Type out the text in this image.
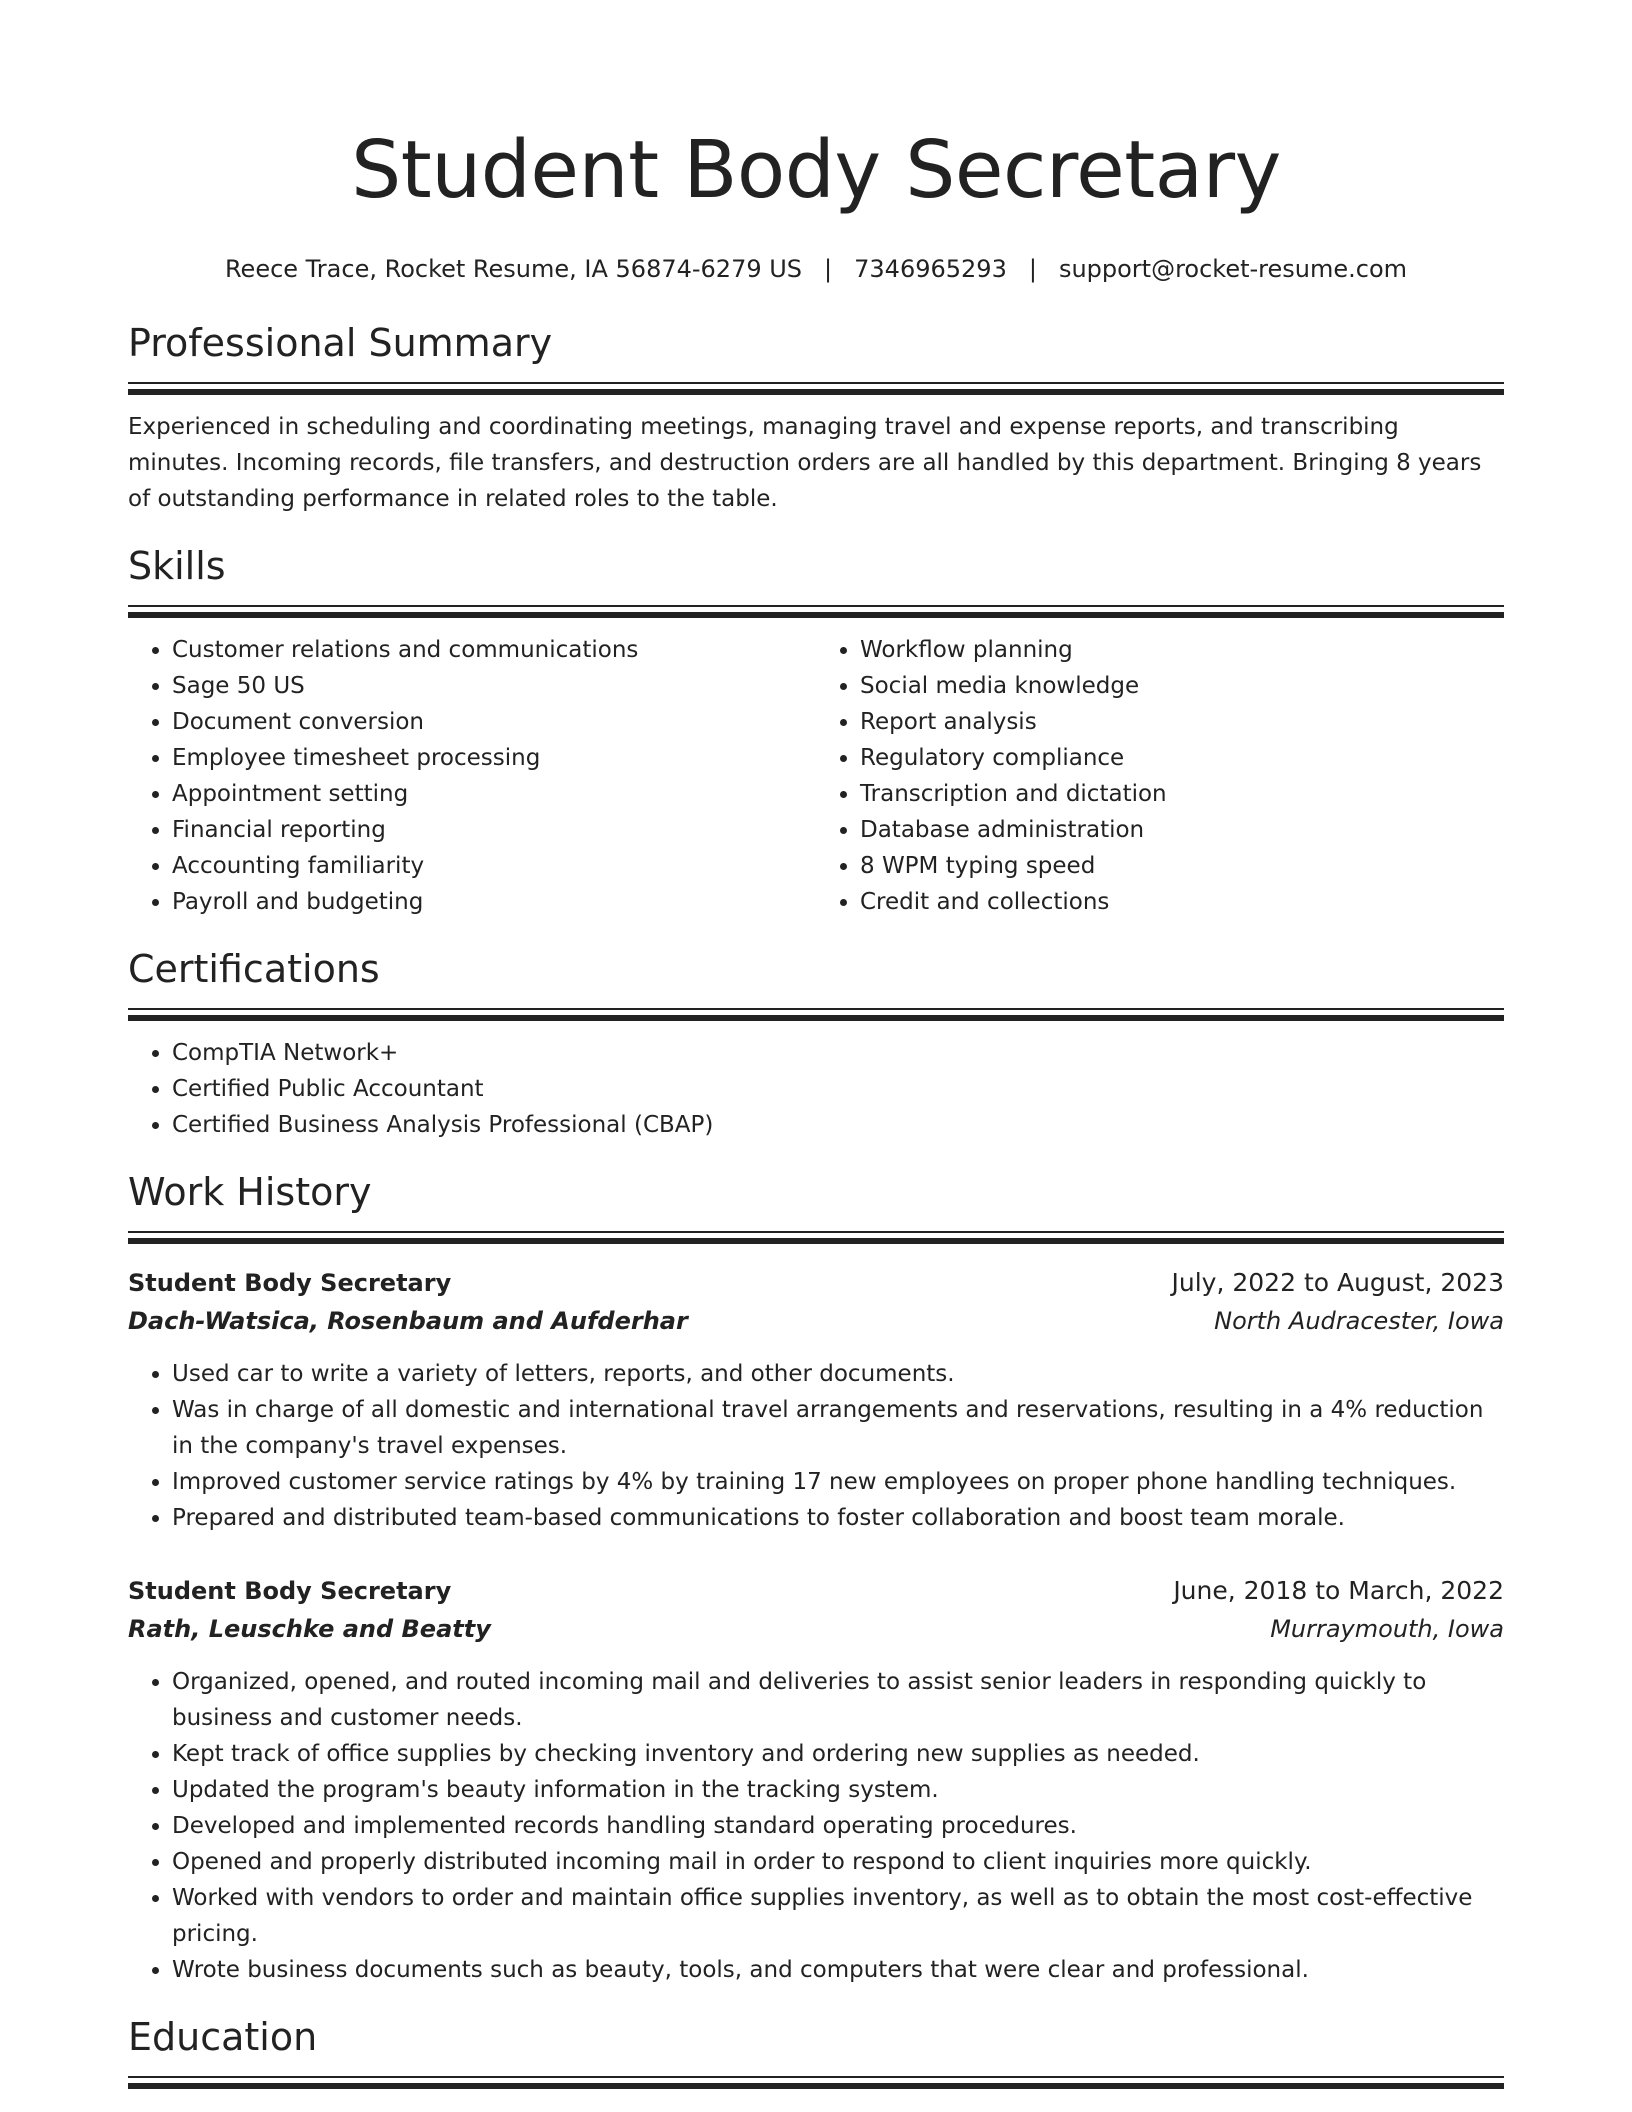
Student Body Secretary
Reece Trace, Rocket Resume, IA 56874-6279 US | 7346965293 | support@rocket-resume.com
Professional Summary

Experienced in scheduling and coordinating meetings, managing travel and expense reports, and transcribing minutes. Incoming records, file transfers, and destruction orders are all handled by this department. Bringing 8 years of outstanding performance in related roles to the table.

Skills
• Customer relations and communications
• Sage 50 US
• Document conversion
• Employee timesheet processing
• Appointment setting
• Financial reporting
• Accounting familiarity
• Payroll and budgeting
• Workflow planning
• Social media knowledge
• Report analysis
• Regulatory compliance
• Transcription and dictation
• Database administration
• 8 WPM typing speed
• Credit and collections
Certifications
• CompTIA Network+
• Certified Public Accountant
• Certified Business Analysis Professional (CBAP)
Work History
Student Body Secretary	July, 2022 to August, 2023
Dach-Watsica, Rosenbaum and Aufderhar	North Audracester, Iowa
• Used car to write a variety of letters, reports, and other documents.
• Was in charge of all domestic and international travel arrangements and reservations, resulting in a 4% reduction in the company's travel expenses.
• Improved customer service ratings by 4% by training 17 new employees on proper phone handling techniques.
• Prepared and distributed team-based communications to foster collaboration and boost team morale.
Student Body Secretary	June, 2018 to March, 2022
Rath, Leuschke and Beatty	Murraymouth, Iowa
• Organized, opened, and routed incoming mail and deliveries to assist senior leaders in responding quickly to business and customer needs.
• Kept track of office supplies by checking inventory and ordering new supplies as needed.
• Updated the program's beauty information in the tracking system.
• Developed and implemented records handling standard operating procedures.
• Opened and properly distributed incoming mail in order to respond to client inquiries more quickly.
• Worked with vendors to order and maintain office supplies inventory, as well as to obtain the most cost-effective pricing.
• Wrote business documents such as beauty, tools, and computers that were clear and professional.
Education
